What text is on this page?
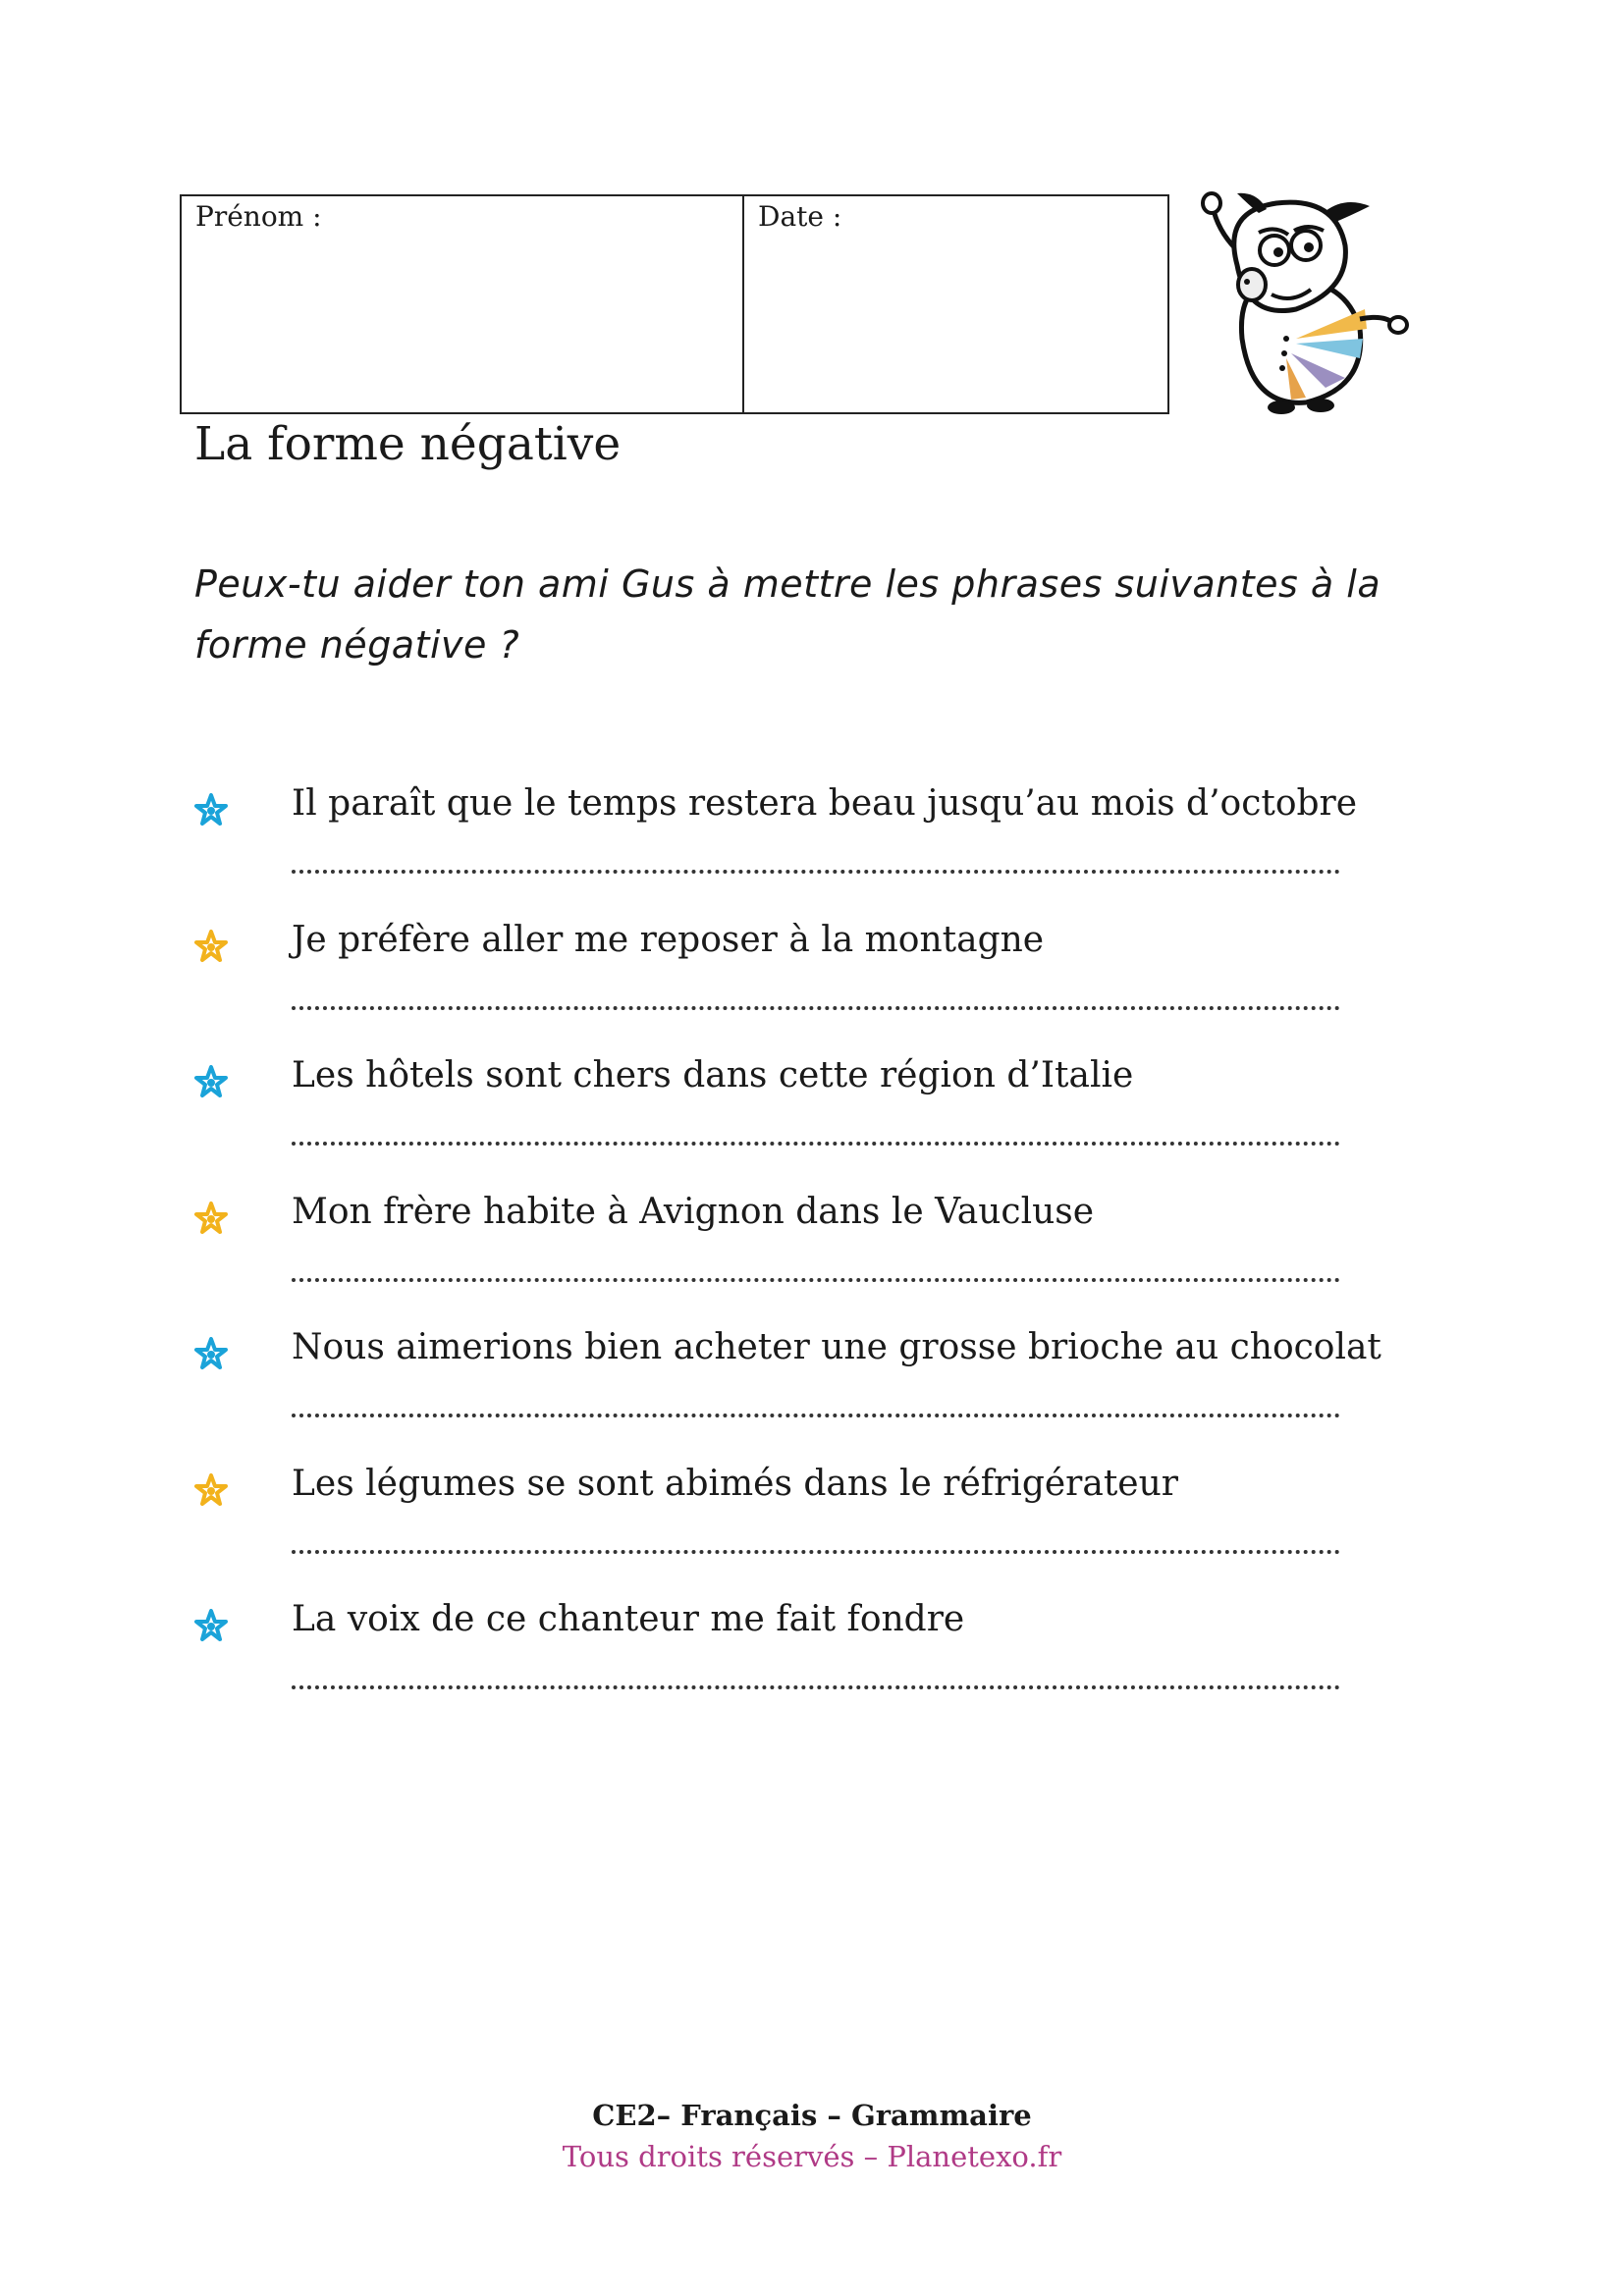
Prénom :	Date :
La forme négative
Peux-tu aider ton ami Gus à mettre les phrases suivantes à la forme négative ?
Il paraît que le temps restera beau jusqu’au mois d’octobre
Je préfère aller me reposer à la montagne
Les hôtels sont chers dans cette région d’Italie
Mon frère habite à Avignon dans le Vaucluse
Nous aimerions bien acheter une grosse brioche au chocolat
Les légumes se sont abimés dans le réfrigérateur
La voix de ce chanteur me fait fondre
CE2– Français – Grammaire
Tous droits réservés – Planetexo.fr
